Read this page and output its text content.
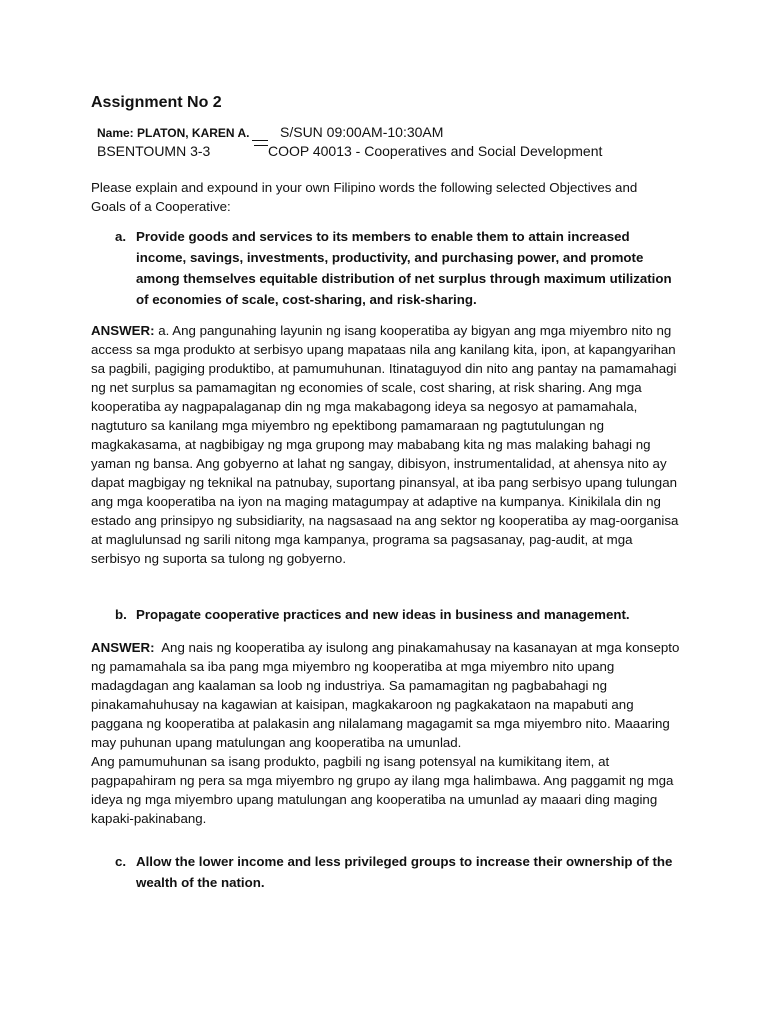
Assignment No 2
Name: PLATON, KAREN A. S/SUN 09:00AM-10:30AM
BSENTOUMN 3-3	COOP 40013 - Cooperatives and Social Development
Please explain and expound in your own Filipino words the following selected Objectives and Goals of a Cooperative:
a. Provide goods and services to its members to enable them to attain increased income, savings, investments, productivity, and purchasing power, and promote among themselves equitable distribution of net surplus through maximum utilization of economies of scale, cost-sharing, and risk-sharing.

ANSWER: a. Ang pangunahing layunin ng isang kooperatiba ay bigyan ang mga miyembro nito ng access sa mga produkto at serbisyo upang mapataas nila ang kanilang kita, ipon, at kapangyarihan sa pagbili, pagiging produktibo, at pamumuhunan. Itinataguyod din nito ang pantay na pamamahagi ng net surplus sa pamamagitan ng economies of scale, cost sharing, at risk sharing. Ang mga kooperatiba ay nagpapalaganap din ng mga makabagong ideya sa negosyo at pamamahala, nagtuturo sa kanilang mga miyembro ng epektibong pamamaraan ng pagtutulungan ng magkakasama, at nagbibigay ng mga grupong may mababang kita ng mas malaking bahagi ng yaman ng bansa. Ang gobyerno at lahat ng sangay, dibisyon, instrumentalidad, at ahensya nito ay dapat magbigay ng teknikal na patnubay, suportang pinansyal, at iba pang serbisyo upang tulungan ang mga kooperatiba na iyon na maging matagumpay at adaptive na kumpanya. Kinikilala din ng estado ang prinsipyo ng subsidiarity, na nagsasaad na ang sektor ng kooperatiba ay mag-oorganisa at maglulunsad ng sarili nitong mga kampanya, programa sa pagsasanay, pag-audit, at mga serbisyo ng suporta sa tulong ng gobyerno.

b. Propagate cooperative practices and new ideas in business and management.

ANSWER: Ang nais ng kooperatiba ay isulong ang pinakamahusay na kasanayan at mga konsepto ng pamamahala sa iba pang mga miyembro ng kooperatiba at mga miyembro nito upang madagdagan ang kaalaman sa loob ng industriya. Sa pamamagitan ng pagbabahagi ng pinakamahuhusay na kagawian at kaisipan, magkakaroon ng pagkakataon na mapabuti ang paggana ng kooperatiba at palakasin ang nilalamang magagamit sa mga miyembro nito. Maaaring may puhunan upang matulungan ang kooperatiba na umunlad.

Ang pamumuhunan sa isang produkto, pagbili ng isang potensyal na kumikitang item, at pagpapahiram ng pera sa mga miyembro ng grupo ay ilang mga halimbawa. Ang paggamit ng mga ideya ng mga miyembro upang matulungan ang kooperatiba na umunlad ay maaari ding maging kapaki-pakinabang.

c. Allow the lower income and less privileged groups to increase their ownership of the wealth of the nation.
